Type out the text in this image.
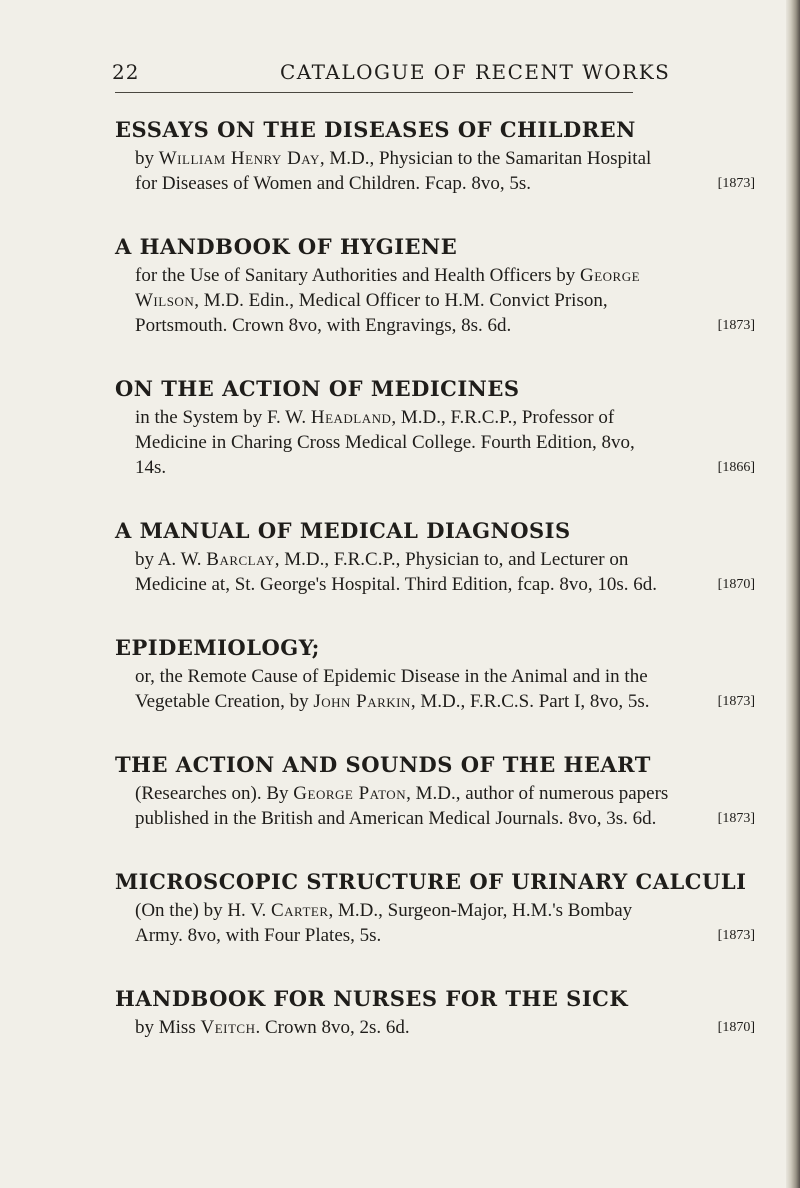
22	CATALOGUE OF RECENT WORKS
ESSAYS ON THE DISEASES OF CHILDREN

by William Henry Day, M.D., Physician to the Samaritan Hospital for Diseases of Women and Children. Fcap. 8vo, 5s.	[1873]

A HANDBOOK OF HYGIENE

for the Use of Sanitary Authorities and Health Officers by George Wilson, M.D. Edin., Medical Officer to H.M. Convict Prison, Portsmouth. Crown 8vo, with Engravings, 8s. 6d.	[1873]

ON THE ACTION OF MEDICINES

in the System by F. W. Headland, M.D., F.R.C.P., Professor of Medicine in Charing Cross Medical College. Fourth Edition, 8vo, 14s.	[1866]

A MANUAL OF MEDICAL DIAGNOSIS

by A. W. Barclay, M.D., F.R.C.P., Physician to, and Lecturer on Medicine at, St. George's Hospital. Third Edition, fcap. 8vo, 10s. 6d.	[1870]

EPIDEMIOLOGY;

or, the Remote Cause of Epidemic Disease in the Animal and in the Vegetable Creation, by John Parkin, M.D., F.R.C.S. Part I, 8vo, 5s.	[1873]

THE ACTION AND SOUNDS OF THE HEART

(Researches on). By George Paton, M.D., author of numerous papers published in the British and American Medical Journals. 8vo, 3s. 6d.	[1873]

MICROSCOPIC STRUCTURE OF URINARY CALCULI

(On the) by H. V. Carter, M.D., Surgeon-Major, H.M.'s Bombay Army. 8vo, with Four Plates, 5s.	[1873]

HANDBOOK FOR NURSES FOR THE SICK

by Miss Veitch. Crown 8vo, 2s. 6d.	[1870]
